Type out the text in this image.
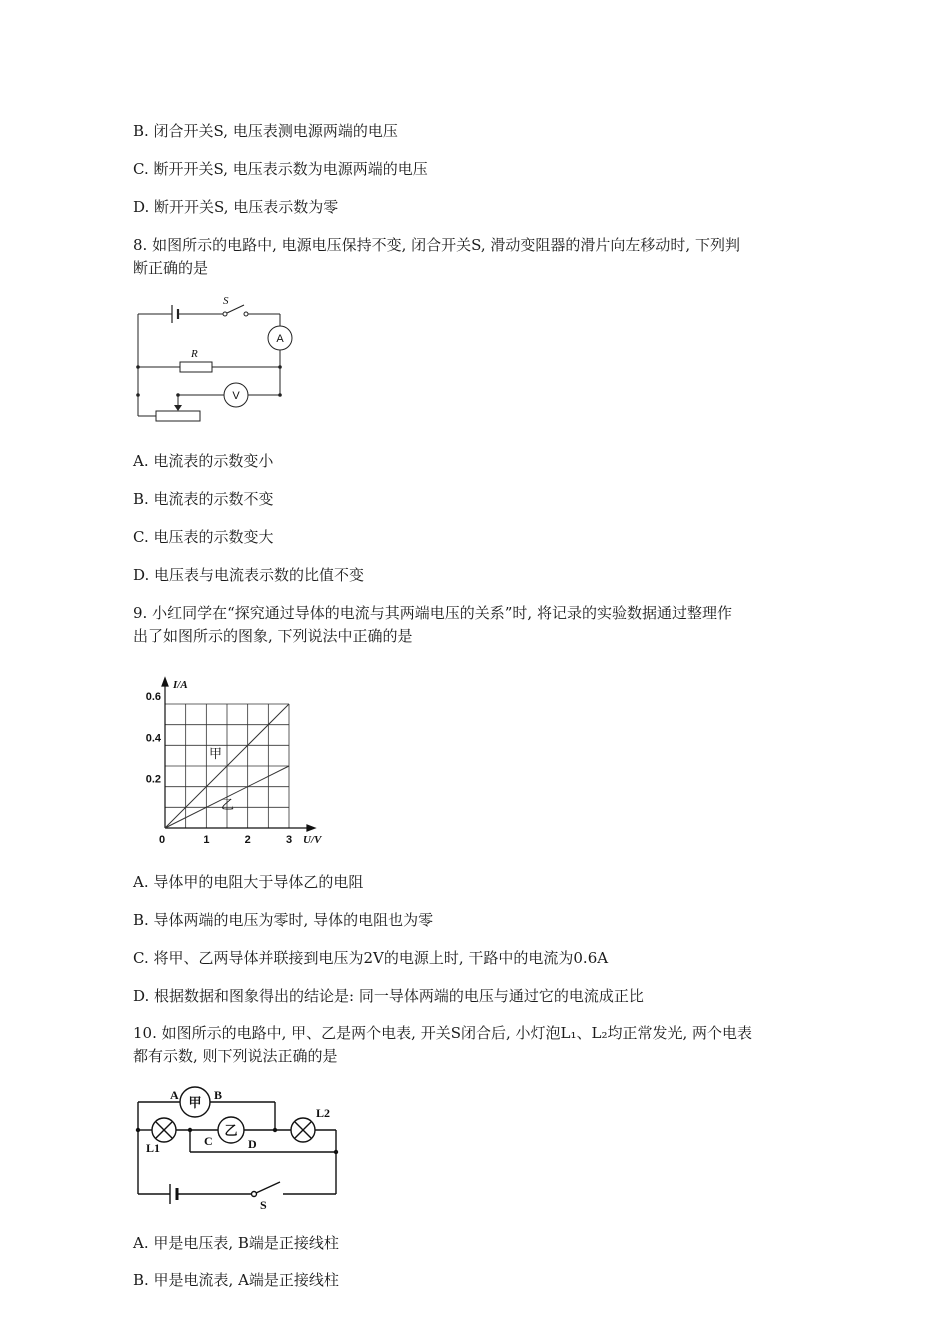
B. 闭合开关S, 电压表测电源两端的电压
C. 断开开关S, 电压表示数为电源两端的电压
D. 断开开关S, 电压表示数为零
8. 如图所示的电路中, 电源电压保持不变, 闭合开关S, 滑动变阻器的滑片向左移动时, 下列判
断正确的是
S
R
A
V
A. 电流表的示数变小
B. 电流表的示数不变
C. 电压表的示数变大
D. 电压表与电流表示数的比值不变
9. 小红同学在“探究通过导体的电流与其两端电压的关系”时, 将记录的实验数据通过整理作
出了如图所示的图象, 下列说法中正确的是
甲
乙
0	1	2	3
0.2
0.4
0.6
U/V
I/A
A. 导体甲的电阻大于导体乙的电阻
B. 导体两端的电压为零时, 导体的电阻也为零
C. 将甲、乙两导体并联接到电压为2V的电源上时, 干路中的电流为0.6A
D. 根据数据和图象得出的结论是: 同一导体两端的电压与通过它的电流成正比
10. 如图所示的电路中, 甲、乙是两个电表, 开关S闭合后, 小灯泡L₁、L₂均正常发光, 两个电表
都有示数, 则下列说法正确的是
甲
乙
A	B
C	D
L1
L2
S
A. 甲是电压表, B端是正接线柱
B. 甲是电流表, A端是正接线柱
